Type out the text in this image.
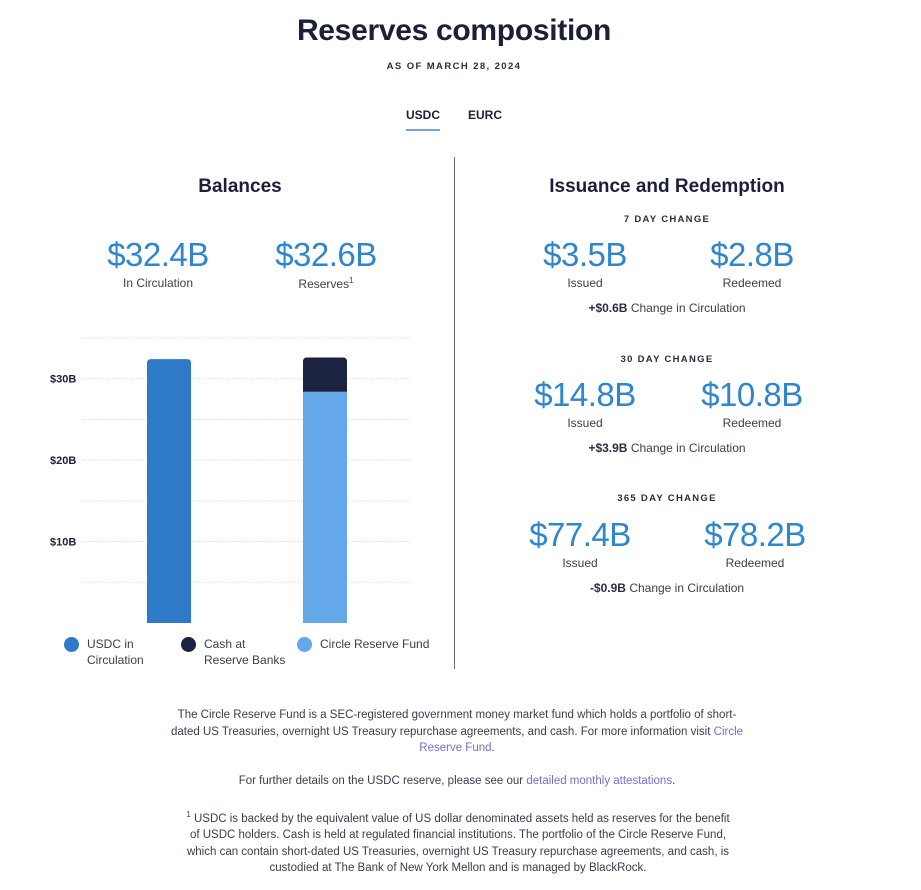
Reserves composition
AS OF MARCH 28, 2024
USDC EURC
Balances
$32.4B
In Circulation
$32.6B
Reserves$^1$
$10B
$20B
$30B
USDC in
Circulation
Cash at
Reserve Banks
Circle Reserve Fund
Issuance and Redemption
7 DAY CHANGE
$3.5B
Issued
$2.8B
Redeemed
+$0.6B Change in Circulation
30 DAY CHANGE
$14.8B
Issued
$10.8B
Redeemed
+$3.9B Change in Circulation
365 DAY CHANGE
$77.4B
Issued
$78.2B
Redeemed
-$0.9B Change in Circulation
The Circle Reserve Fund is a SEC-registered government money market fund which holds a portfolio of short-dated US Treasuries, overnight US Treasury repurchase agreements, and cash. For more information visit Circle Reserve Fund.
For further details on the USDC reserve, please see our detailed monthly attestations.
$^1$ USDC is backed by the equivalent value of US dollar denominated assets held as reserves for the benefit of USDC holders. Cash is held at regulated financial institutions. The portfolio of the Circle Reserve Fund, which can contain short-dated US Treasuries, overnight US Treasury repurchase agreements, and cash, is custodied at The Bank of New York Mellon and is managed by BlackRock.
